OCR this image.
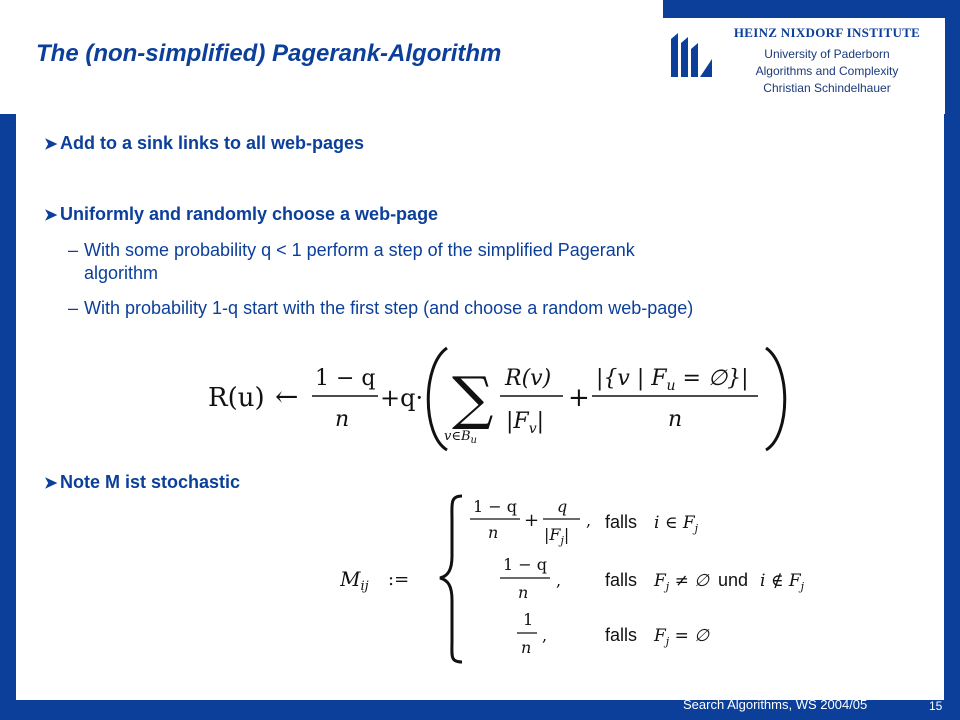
The (non-simplified) Pagerank-Algorithm
HEINZ NIXDORF INSTITUTE
University of Paderborn
Algorithms and Complexity
Christian Schindelhauer
➤ Add to a sink links to all web-pages
➤ Uniformly and randomly choose a web-page
– With some probability q < 1 perform a step of the simplified Pagerank
algorithm
– With probability 1-q start with the first step (and choose a random web-page)
R(u) ←
1 − q
n
+q· ∑
$v\in B_u$
R(v)
$|F_v|$
+
|{v | $F_u$ = ∅}|
n
➤ Note M ist stochastic
$M_{ij}$ :=
1 − q
n
+
q
$|F_j|$
, falls i ∈ $F_j$
1 − q
n
, falls $F_j$ ≠ ∅ und i ∉ $F_j$
1
n
,	falls $F_j$ = ∅
Search Algorithms, WS 2004/05	15
